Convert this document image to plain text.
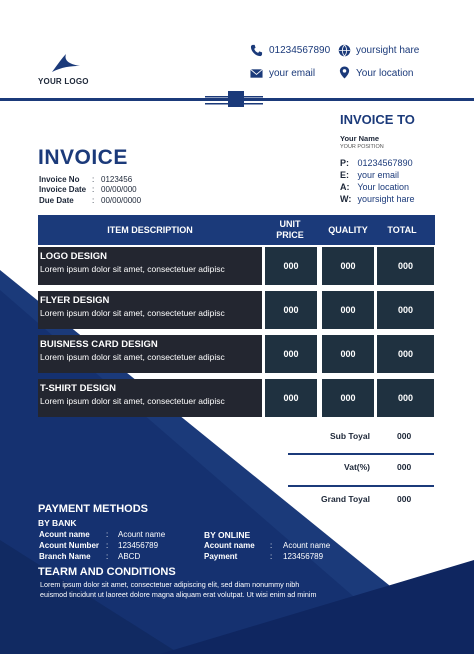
YOUR LOGO
01234567890	yoursight hare
your email	Your location
INVOICE
Invoice No : 0123456
Invoice Date : 00/00/000
Due Date : 00/00/0000
INVOICE TO
Your Name
YOUR POSITION
P: 01234567890
E: your email
A: Your location
W: yoursight hare
ITEM DESCRIPTION
UNIT
PRICE	QUALITY	TOTAL
LOGO DESIGN
Lorem ipsum dolor sit amet, consectetuer adipisc	000	000	000
FLYER DESIGN
Lorem ipsum dolor sit amet, consectetuer adipisc	000	000	000
BUISNESS CARD DESIGN
Lorem ipsum dolor sit amet, consectetuer adipisc	000	000	000
T-SHIRT DESIGN
Lorem ipsum dolor sit amet, consectetuer adipisc	000	000	000
Sub Toyal	000
Vat(%)	000
Grand Toyal	000
PAYMENT METHODS
BY BANK
Acount name : Acount name
Acount Number : 123456789
Branch Name : ABCD
BY ONLINE
Acount name : Acount name
Payment	: 123456789
TEARM AND CONDITIONS
Lorem ipsum dolor sit amet, consectetuer adipiscing elit, sed diam nonummy nibh euismod tincidunt ut laoreet dolore magna aliquam erat volutpat. Ut wisi enim ad minim
